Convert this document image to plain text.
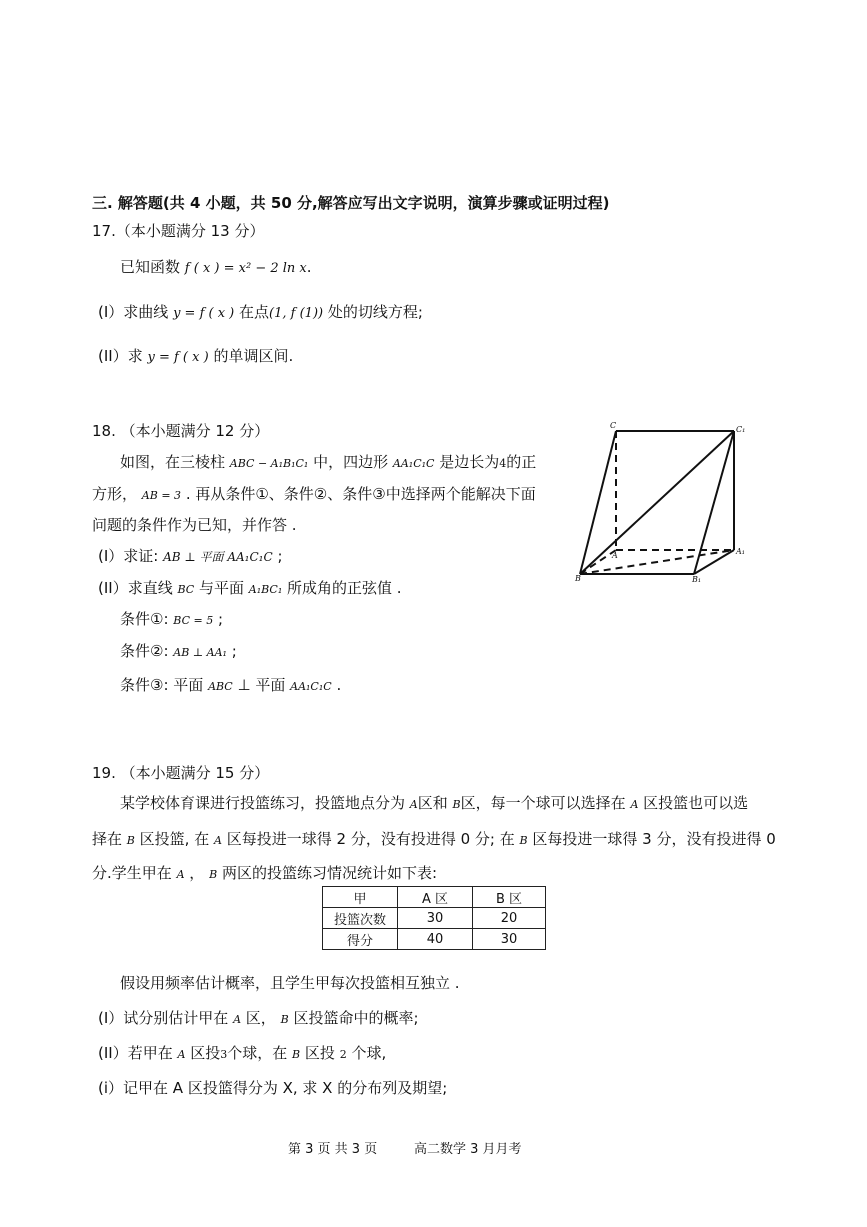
三. 解答题(共 4 小题，共 50 分,解答应写出文字说明，演算步骤或证明过程)
17.（本小题满分 13 分）
已知函数 f ( x ) = x² − 2 ln x.
(I）求曲线 y = f ( x ) 在点(1, f (1)) 处的切线方程;
(II）求 y = f ( x ) 的单调区间.
18. （本小题满分 12 分）
如图，在三棱柱 ABC − A₁B₁C₁ 中，四边形 AA₁C₁C 是边长为4的正
方形， AB = 3 . 再从条件①、条件②、条件③中选择两个能解决下面
问题的条件作为已知，并作答 .
(I）求证: AB ⊥ 平面 AA₁C₁C ;
(II）求直线 BC 与平面 A₁BC₁ 所成角的正弦值 .
条件①: BC = 5 ;
条件②: AB ⊥ AA₁ ;
条件③: 平面 ABC ⊥ 平面 AA₁C₁C .
C	C₁
A	A₁
B	B₁
19. （本小题满分 15 分）
某学校体育课进行投篮练习，投篮地点分为 A区和 B区，每一个球可以选择在 A 区投篮也可以选
择在 B 区投篮, 在 A 区每投进一球得 2 分，没有投进得 0 分; 在 B 区每投进一球得 3 分，没有投进得 0
分.学生甲在 A ， B 两区的投篮练习情况统计如下表:
甲	A 区	B 区
投篮次数	30	20
得分	40	30
假设用频率估计概率，且学生甲每次投篮相互独立 .
(I）试分别估计甲在 A 区， B 区投篮命中的概率;
(II）若甲在 A 区投3个球，在 B 区投 2 个球,
(i）记甲在 A 区投篮得分为 X, 求 X 的分布列及期望;
第 3 页 共 3 页	高二数学 3 月月考
